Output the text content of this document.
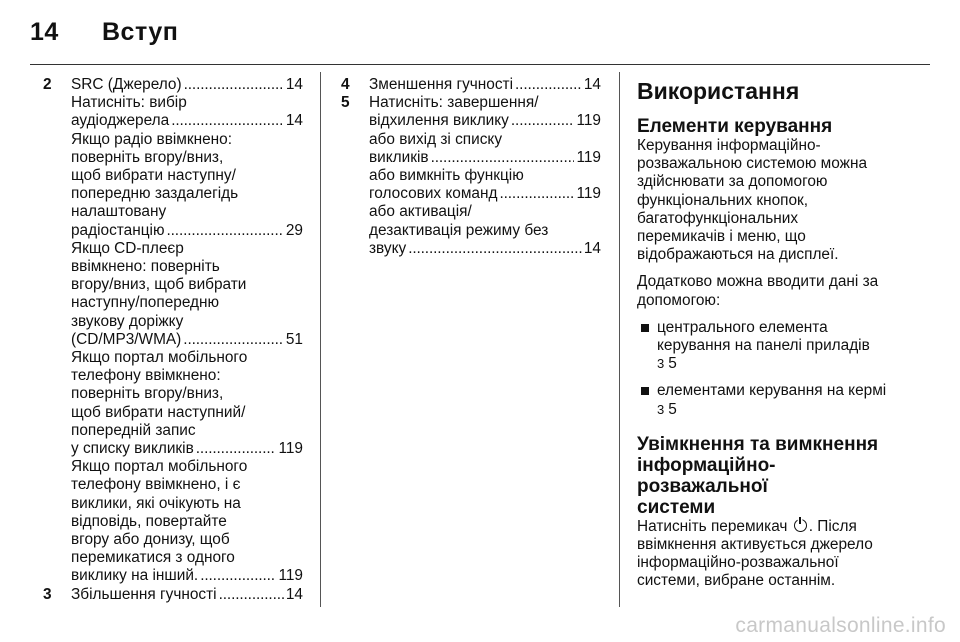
14 Вступ
2 SRC (Джерело) . . .	14
Натисніть: вибір
аудіоджерела . . .	14
Якщо радіо ввімкнено:
поверніть вгору/вниз,
щоб вибрати наступну/
попередню заздалегідь
налаштовану
радіостанцію . . .	29
Якщо CD-плеєр
ввімкнено: поверніть
вгору/вниз, щоб вибрати
наступну/попередню
звукову доріжку
(CD/MP3/WMA) . . .	51
Якщо портал мобільного
телефону ввімкнено:
поверніть вгору/вниз,
щоб вибрати наступний/
попередній запис
у списку викликів . . .	119
Якщо портал мобільного
телефону ввімкнено, і є
виклики, які очікують на
відповідь, повертайте
вгору або донизу, щоб
перемикатися з одного
виклику на інший. . . .	119
3 Збільшення гучності . . .	14
4 Зменшення гучності . . .	14
5 Натисніть: завершення/
відхилення виклику . . .	119
або вихід зі списку
викликів . . .	119
або вимкніть функцію
голосових команд . . .	119
або активація/
дезактивація режиму без
звуку . . .	14
Використання
Елементи керування

Керування інформаційно-

розважальною системою можна

здійснювати за допомогою

функціональних кнопок,

багатофункціональних

перемикачів і меню, що

відображаються на дисплеї.

Додатково можна вводити дані за

допомогою:

центрального елемента
керування на панелі приладів
3 5
елементами керування на кермі
3 5
Увімкнення та вимкнення
інформаційно-розважальної
системи

Натисніть перемикач . Після

ввімкнення активується джерело

інформаційно-розважальної

системи, вибране останнім.

carmanualsonline.info
